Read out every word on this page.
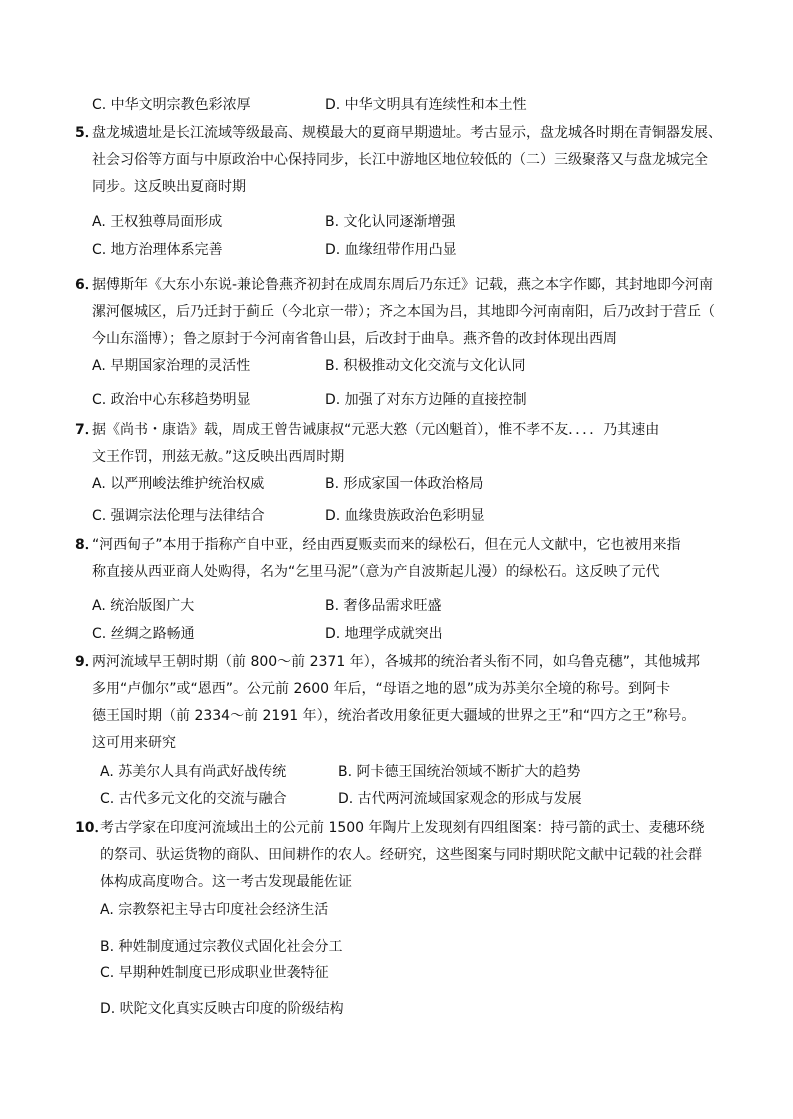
C. 中华文明宗教色彩浓厚	D. 中华文明具有连续性和本土性
5．
盘龙城遗址是长江流域等级最高、规模最大的夏商早期遗址。考古显示，盘龙城各时期在青铜器发展、
社会习俗等方面与中原政治中心保持同步，长江中游地区地位较低的（二）三级聚落又与盘龙城完全
同步。这反映出夏商时期
A. 王权独尊局面形成	B. 文化认同逐渐增强
C. 地方治理体系完善	D. 血缘纽带作用凸显
6．
据傅斯年《大东小东说-兼论鲁燕齐初封在成周东周后乃东迁》记载，燕之本字作郾，其封地即今河南
漯河偃城区，后乃迁封于蓟丘（今北京一带）；齐之本国为吕，其地即今河南南阳，后乃改封于营丘（
今山东淄博）；鲁之原封于今河南省鲁山县，后改封于曲阜。燕齐鲁的改封体现出西周
A. 早期国家治理的灵活性	B. 积极推动文化交流与文化认同
C. 政治中心东移趋势明显	D. 加强了对东方边陲的直接控制
7．
据《尚书・康诰》载，周成王曾告诫康叔“元恶大憝（元凶魁首），惟不孝不友．．．．乃其速由
文王作罚，刑兹无赦。”这反映出西周时期
A. 以严刑峻法维护统治权威	B. 形成家国一体政治格局
C. 强调宗法伦理与法律结合	D. 血缘贵族政治色彩明显
8．
“河西甸子”本用于指称产自中亚，经由西夏贩卖而来的绿松石，但在元人文献中，它也被用来指
称直接从西亚商人处购得，名为“乞里马泥”（意为产自波斯起儿漫）的绿松石。这反映了元代
A. 统治版图广大	B. 奢侈品需求旺盛
C. 丝绸之路畅通	D. 地理学成就突出
9．
两河流域早王朝时期（前 800～前 2371 年），各城邦的统治者头衔不同，如乌鲁克穗”，其他城邦
多用“卢伽尔”或“恩西”。公元前 2600 年后，“母语之地的恩”成为苏美尔全境的称号。到阿卡
德王国时期（前 2334～前 2191 年），统治者改用象征更大疆域的世界之王”和“四方之王”称号。
这可用来研究
A. 苏美尔人具有尚武好战传统	B. 阿卡德王国统治领域不断扩大的趋势
C. 古代多元文化的交流与融合	D. 古代两河流域国家观念的形成与发展
10．
考古学家在印度河流域出土的公元前 1500 年陶片上发现刻有四组图案：持弓箭的武士、麦穗环绕
的祭司、驮运货物的商队、田间耕作的农人。经研究，这些图案与同时期吠陀文献中记载的社会群
体构成高度吻合。这一考古发现最能佐证
A. 宗教祭祀主导古印度社会经济生活
B. 种姓制度通过宗教仪式固化社会分工
C. 早期种姓制度已形成职业世袭特征
D. 吠陀文化真实反映古印度的阶级结构
